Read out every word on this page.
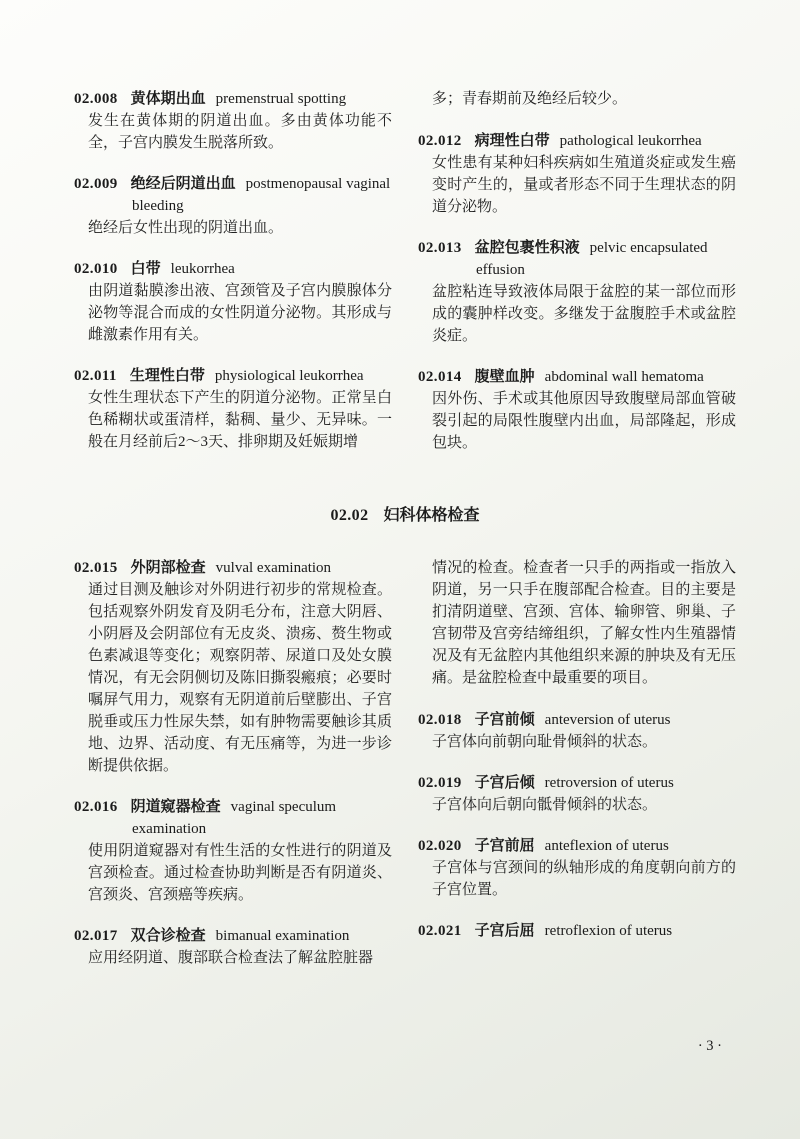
02.008 黄体期出血 premenstrual spotting

发生在黄体期的阴道出血。多由黄体功能不全，子宫内膜发生脱落所致。

02.009 绝经后阴道出血 postmenopausal vaginal bleeding

绝经后女性出现的阴道出血。

02.010 白带 leukorrhea

由阴道黏膜渗出液、宫颈管及子宫内膜腺体分泌物等混合而成的女性阴道分泌物。其形成与雌激素作用有关。

02.011 生理性白带 physiological leukorrhea

女性生理状态下产生的阴道分泌物。正常呈白色稀糊状或蛋清样，黏稠、量少、无异味。一般在月经前后2～3天、排卵期及妊娠期增

多；青春期前及绝经后较少。

02.012 病理性白带 pathological leukorrhea

女性患有某种妇科疾病如生殖道炎症或发生癌变时产生的，量或者形态不同于生理状态的阴道分泌物。

02.013 盆腔包裹性积液 pelvic encapsulated effusion

盆腔粘连导致液体局限于盆腔的某一部位而形成的囊肿样改变。多继发于盆腹腔手术或盆腔炎症。

02.014 腹壁血肿 abdominal wall hematoma

因外伤、手术或其他原因导致腹壁局部血管破裂引起的局限性腹壁内出血，局部隆起，形成包块。

02.02 妇科体格检查

02.015 外阴部检查 vulval examination

通过目测及触诊对外阴进行初步的常规检查。包括观察外阴发育及阴毛分布，注意大阴唇、小阴唇及会阴部位有无皮炎、溃疡、赘生物或色素减退等变化；观察阴蒂、尿道口及处女膜情况，有无会阴侧切及陈旧撕裂瘢痕；必要时嘱屏气用力，观察有无阴道前后壁膨出、子宫脱垂或压力性尿失禁，如有肿物需要触诊其质地、边界、活动度、有无压痛等，为进一步诊断提供依据。

02.016 阴道窥器检查 vaginal speculum examination

使用阴道窥器对有性生活的女性进行的阴道及宫颈检查。通过检查协助判断是否有阴道炎、宫颈炎、宫颈癌等疾病。

02.017 双合诊检查 bimanual examination

应用经阴道、腹部联合检查法了解盆腔脏器

情况的检查。检查者一只手的两指或一指放入阴道，另一只手在腹部配合检查。目的主要是扪清阴道壁、宫颈、宫体、输卵管、卵巢、子宫韧带及宫旁结缔组织，了解女性内生殖器情况及有无盆腔内其他组织来源的肿块及有无压痛。是盆腔检查中最重要的项目。

02.018 子宫前倾 anteversion of uterus

子宫体向前朝向耻骨倾斜的状态。

02.019 子宫后倾 retroversion of uterus

子宫体向后朝向骶骨倾斜的状态。

02.020 子宫前屈 anteflexion of uterus

子宫体与宫颈间的纵轴形成的角度朝向前方的子宫位置。

02.021 子宫后屈 retroflexion of uterus

· 3 ·
